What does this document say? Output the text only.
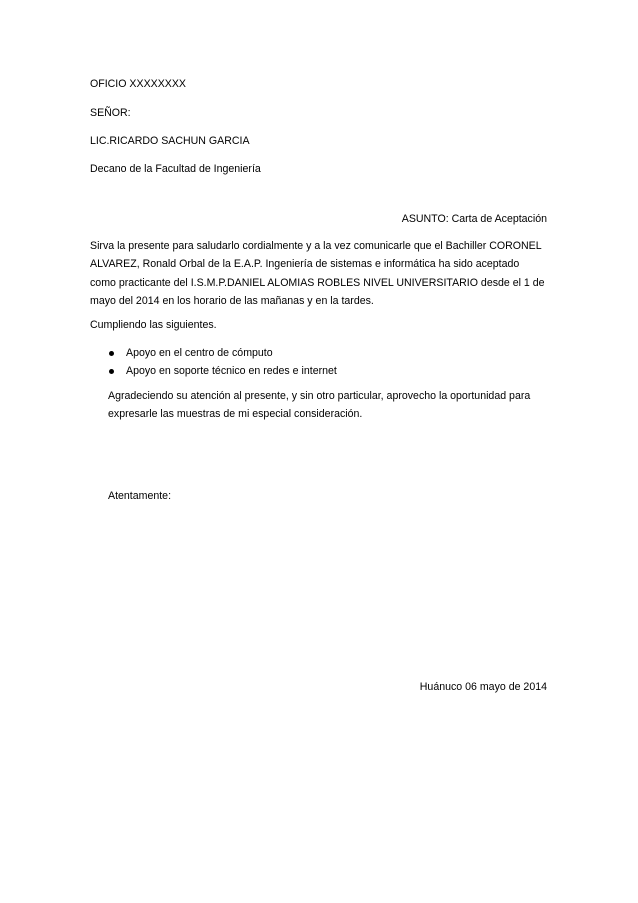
OFICIO XXXXXXXX
SEÑOR:
LIC.RICARDO SACHUN GARCIA
Decano de la Facultad de Ingeniería
ASUNTO: Carta de Aceptación
Sirva la presente para saludarlo cordialmente y a la vez comunicarle que el Bachiller CORONEL
ALVAREZ, Ronald Orbal de la E.A.P. Ingeniería de sistemas e informática ha sido aceptado
como practicante del I.S.M.P.DANIEL ALOMIAS ROBLES NIVEL UNIVERSITARIO desde el 1 de
mayo del 2014 en los horario de las mañanas y en la tardes.
Cumpliendo las siguientes.
Apoyo en el centro de cómputo
Apoyo en soporte técnico en redes e internet
Agradeciendo su atención al presente, y sin otro particular, aprovecho la oportunidad para
expresarle las muestras de mi especial consideración.
Atentamente:
Huánuco 06 mayo de 2014
